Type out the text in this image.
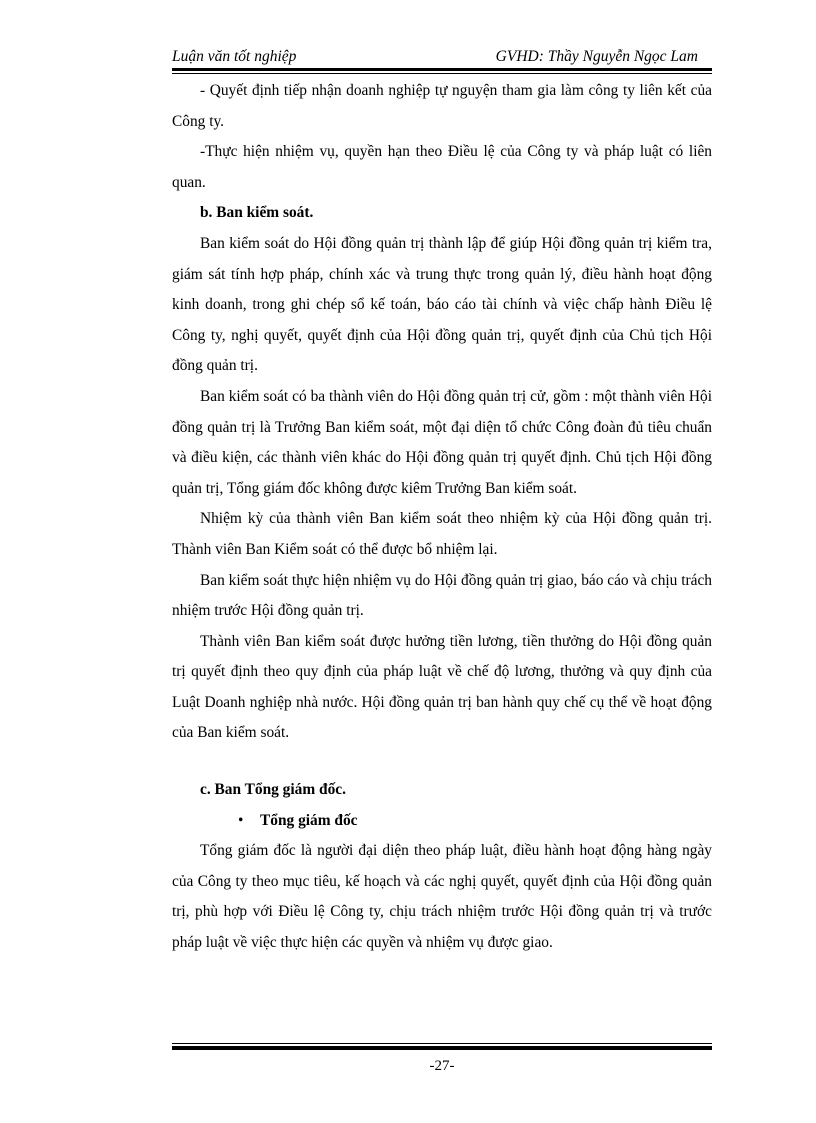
Luận văn tốt nghiệp	GVHD: Thầy Nguyễn Ngọc Lam

- Quyết định tiếp nhận doanh nghiệp tự nguyện tham gia làm công ty liên kết của Công ty.

-Thực hiện nhiệm vụ, quyền hạn theo Điều lệ của Công ty và pháp luật có liên quan.

b. Ban kiểm soát.

Ban kiểm soát do Hội đồng quản trị thành lập để giúp Hội đồng quản trị kiểm tra, giám sát tính hợp pháp, chính xác và trung thực trong quản lý, điều hành hoạt động kinh doanh, trong ghi chép sổ kế toán, báo cáo tài chính và việc chấp hành Điều lệ Công ty, nghị quyết, quyết định của Hội đồng quản trị, quyết định của Chủ tịch Hội đồng quản trị.

Ban kiểm soát có ba thành viên do Hội đồng quản trị cử, gồm : một thành viên Hội đồng quản trị là Trưởng Ban kiểm soát, một đại diện tổ chức Công đoàn đủ tiêu chuẩn và điều kiện, các thành viên khác do Hội đồng quản trị quyết định. Chủ tịch Hội đồng quản trị, Tổng giám đốc không được kiêm Trưởng Ban kiểm soát.

Nhiệm kỳ của thành viên Ban kiểm soát theo nhiệm kỳ của Hội đồng quản trị. Thành viên Ban Kiểm soát có thể được bổ nhiệm lại.

Ban kiểm soát thực hiện nhiệm vụ do Hội đồng quản trị giao, báo cáo và chịu trách nhiệm trước Hội đồng quản trị.

Thành viên Ban kiểm soát được hưởng tiền lương, tiền thưởng do Hội đồng quản trị quyết định theo quy định của pháp luật về chế độ lương, thưởng và quy định của Luật Doanh nghiệp nhà nước. Hội đồng quản trị ban hành quy chế cụ thể về hoạt động của Ban kiểm soát.

c. Ban Tổng giám đốc.

• Tổng giám đốc

Tổng giám đốc là người đại diện theo pháp luật, điều hành hoạt động hàng ngày của Công ty theo mục tiêu, kế hoạch và các nghị quyết, quyết định của Hội đồng quản trị, phù hợp với Điều lệ Công ty, chịu trách nhiệm trước Hội đồng quản trị và trước pháp luật về việc thực hiện các quyền và nhiệm vụ được giao.

-27-
